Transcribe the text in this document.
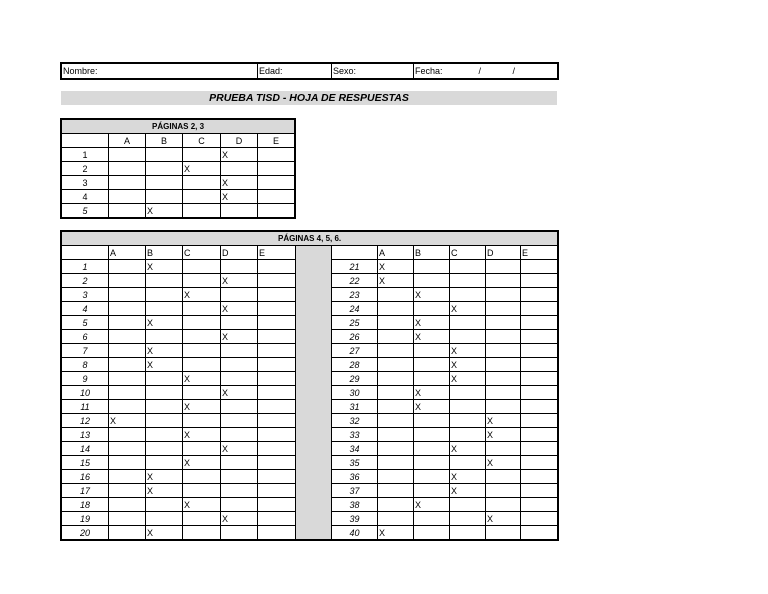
Nombre:	Edad:	Sexo:	Fecha:	/	/
PRUEBA TISD - HOJA DE RESPUESTAS
PÁGINAS 2, 3					
	A	B	C	D	E
1				X	
2			X		
3				X	
4				X	
5		X			
PÁGINAS 4, 5, 6.												
	A	B	C	D	E			A	B	C	D	E
1		X					21	X				
2				X			22	X				
3			X				23		X			
4				X			24			X		
5		X					25		X			
6				X			26		X			
7		X					27			X		
8		X					28			X		
9			X				29			X		
10				X			30		X			
11			X				31		X			
12	X						32				X	
13			X				33				X	
14				X			34			X		
15			X				35				X	
16		X					36			X		
17		X					37			X		
18			X				38		X			
19				X			39				X	
20		X					40	X				
